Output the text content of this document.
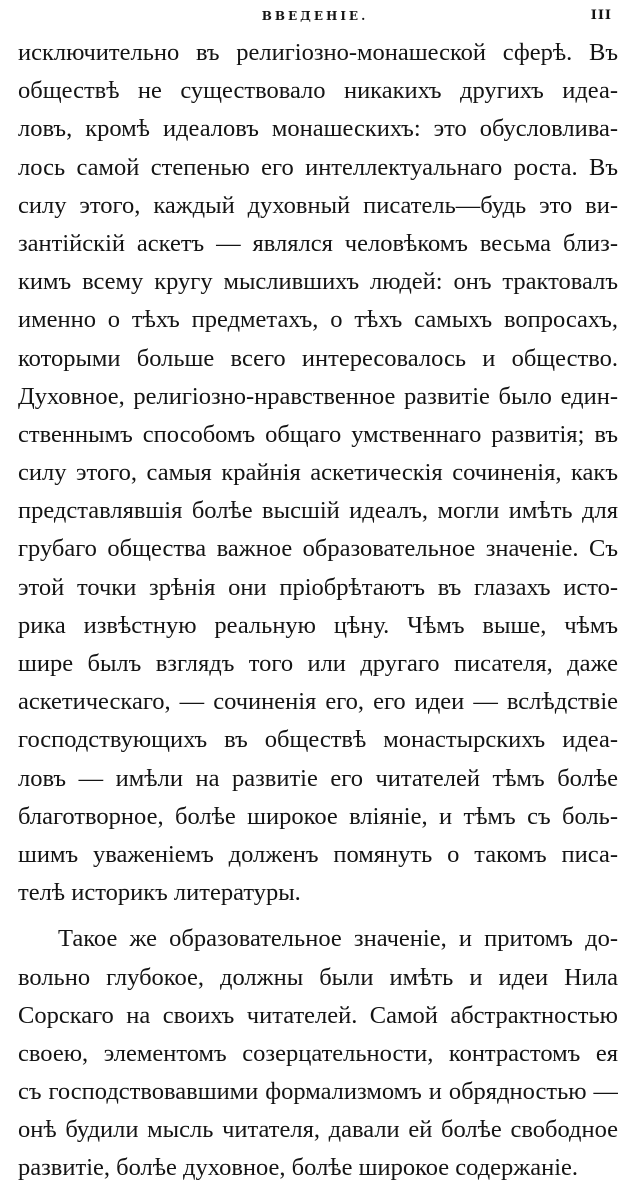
ВВЕДЕНIЕ.	III
исключительно въ религiозно-монашеской сферѣ. Въ
обществѣ не существовало никакихъ другихъ идеа-
ловъ, кромѣ идеаловъ монашескихъ: это обусловлива-
лось самой степенью его интеллектуальнаго роста. Въ
силу этого, каждый духовный писатель—будь это ви-
зантiйскiй аскетъ — являлся человѣкомъ весьма близ-
кимъ всему кругу мыслившихъ людей: онъ трактовалъ
именно о тѣхъ предметахъ, о тѣхъ самыхъ вопросахъ,
которыми больше всего интересовалось и общество.
Духовное, религiозно-нравственное развитiе было един-
ственнымъ способомъ общаго умственнаго развитiя; въ
силу этого, самыя крайнiя аскетическiя сочиненiя, какъ
представлявшiя болѣе высшiй идеалъ, могли имѣть для
грубаго общества важное образовательное значенiе. Съ
этой точки зрѣнiя они прiобрѣтаютъ въ глазахъ исто-
рика извѣстную реальную цѣну. Чѣмъ выше, чѣмъ
шире былъ взглядъ того или другаго писателя, даже
аскетическаго, — сочиненiя его, его идеи — вслѣдствiе
господствующихъ въ обществѣ монастырскихъ идеа-
ловъ — имѣли на развитiе его читателей тѣмъ болѣе
благотворное, болѣе широкое влiянiе, и тѣмъ съ боль-
шимъ уваженiемъ долженъ помянуть о такомъ писа-
телѣ историкъ литературы.
Такое же образовательное значенiе, и притомъ до-
вольно глубокое, должны были имѣть и идеи Нила
Сорскаго на своихъ читателей. Самой абстрактностью
своею, элементомъ созерцательности, контрастомъ ея
съ господствовавшими формализмомъ и обрядностью —
онѣ будили мысль читателя, давали ей болѣе свободное
развитiе, болѣе духовное, болѣе широкое содержанiе.
